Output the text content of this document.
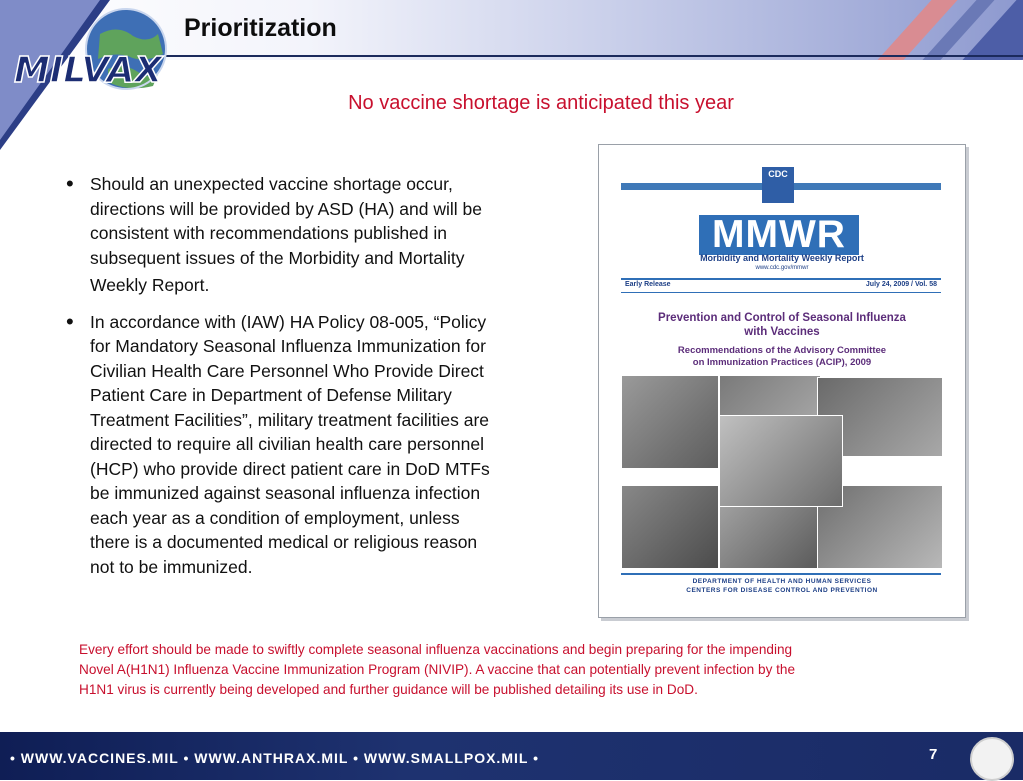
MILVAX
Prioritization
No vaccine shortage is anticipated this year
• Should an unexpected vaccine shortage occur,
directions will be provided by ASD (HA) and will be
consistent with recommendations published in
subsequent issues of the Morbidity and Mortality
Weekly Report.
• In accordance with (IAW) HA Policy 08-005, “Policy
for Mandatory Seasonal Influenza Immunization for
Civilian Health Care Personnel Who Provide Direct
Patient Care in Department of Defense Military
Treatment Facilities”, military treatment facilities are
directed to require all civilian health care personnel
(HCP) who provide direct patient care in DoD MTFs
be immunized against seasonal influenza infection
each year as a condition of employment, unless
there is a documented medical or religious reason
not to be immunized.
CDC
MMWR
Morbidity and Mortality Weekly Report
www.cdc.gov/mmwr
Early Release	July 24, 2009 / Vol. 58
Prevention and Control of Seasonal Influenza
with Vaccines
Recommendations of the Advisory Committee
on Immunization Practices (ACIP), 2009
DEPARTMENT OF HEALTH AND HUMAN SERVICES
CENTERS FOR DISEASE CONTROL AND PREVENTION
Every effort should be made to swiftly complete seasonal influenza vaccinations and begin preparing for the impending
Novel A(H1N1) Influenza Vaccine Immunization Program (NIVIP). A vaccine that can potentially prevent infection by the
H1N1 virus is currently being developed and further guidance will be published detailing its use in DoD.
• WWW.VACCINES.MIL • WWW.ANTHRAX.MIL • WWW.SMALLPOX.MIL •	7
